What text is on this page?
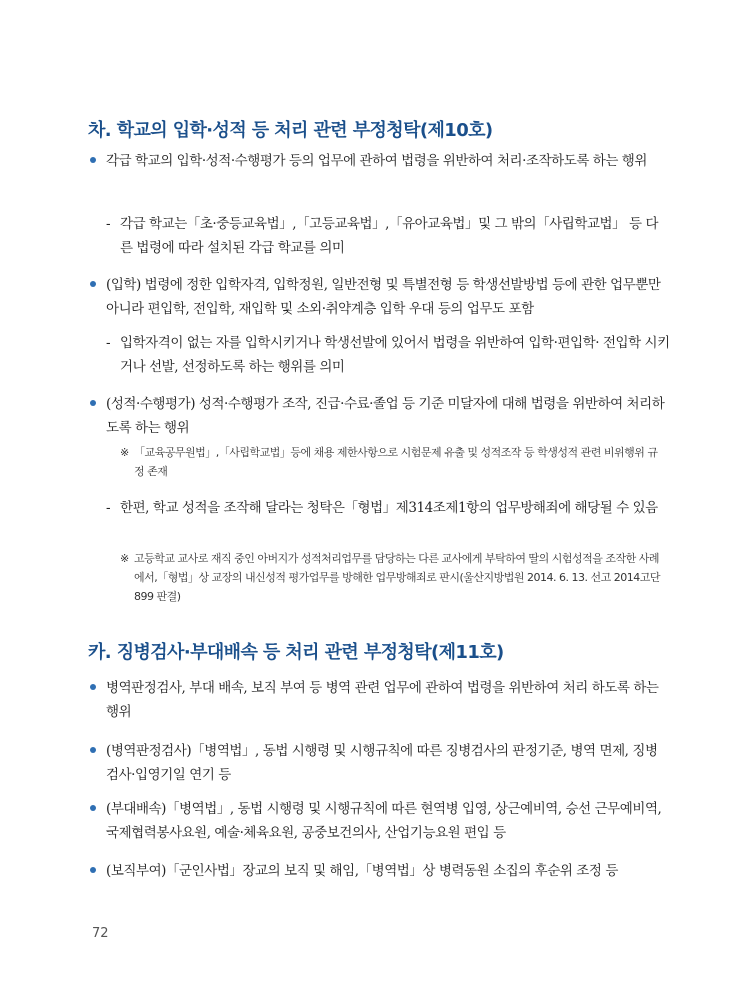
차. 학교의 입학·성적 등 처리 관련 부정청탁(제10호)
각급 학교의 입학·성적·수행평가 등의 업무에 관하여 법령을 위반하여 처리·조작하도록 하는 행위
- 각급 학교는「초·중등교육법」,「고등교육법」,「유아교육법」및 그 밖의「사립학교법」 등 다른 법령에 따라 설치된 각급 학교를 의미
(입학) 법령에 정한 입학자격, 입학정원, 일반전형 및 특별전형 등 학생선발방법 등에 관한 업무뿐만 아니라 편입학, 전입학, 재입학 및 소외·취약계층 입학 우대 등의 업무도 포함
- 입학자격이 없는 자를 입학시키거나 학생선발에 있어서 법령을 위반하여 입학·편입학· 전입학 시키거나 선발, 선정하도록 하는 행위를 의미
(성적·수행평가) 성적·수행평가 조작, 진급·수료·졸업 등 기준 미달자에 대해 법령을 위반하여 처리하도록 하는 행위
※ 「교육공무원법」,「사립학교법」등에 채용 제한사항으로 시험문제 유출 및 성적조작 등 학생성적 관련 비위행위 규정 존재
- 한편, 학교 성적을 조작해 달라는 청탁은「형법」제314조제1항의 업무방해죄에 해당될 수 있음
※ 고등학교 교사로 재직 중인 아버지가 성적처리업무를 담당하는 다른 교사에게 부탁하여 딸의 시험성적을 조작한 사례에서,「형법」상 교장의 내신성적 평가업무를 방해한 업무방해죄로 판시(울산지방법원 2014. 6. 13. 선고 2014고단899 판결)
카. 징병검사·부대배속 등 처리 관련 부정청탁(제11호)
병역판정검사, 부대 배속, 보직 부여 등 병역 관련 업무에 관하여 법령을 위반하여 처리 하도록 하는 행위
(병역판정검사)「병역법」, 동법 시행령 및 시행규칙에 따른 징병검사의 판정기준, 병역 면제, 징병검사·입영기일 연기 등
(부대배속)「병역법」, 동법 시행령 및 시행규칙에 따른 현역병 입영, 상근예비역, 승선 근무예비역, 국제협력봉사요원, 예술·체육요원, 공중보건의사, 산업기능요원 편입 등
(보직부여)「군인사법」장교의 보직 및 해임,「병역법」상 병력동원 소집의 후순위 조정 등
72
